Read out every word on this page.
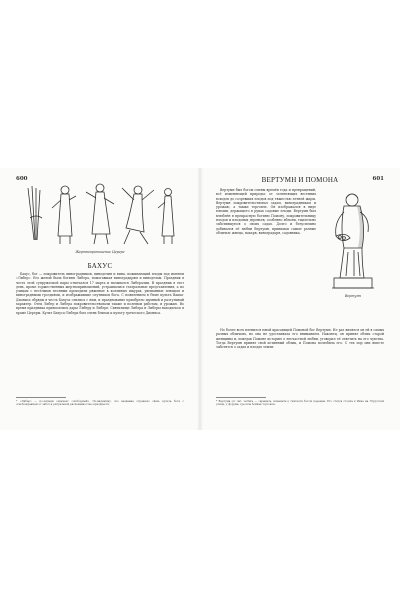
600
Жертвоприношение Церере
БАХУС

Бахус, бог — покровитель виноградников, виноделия и вина, пожинающий плоды под именем «Либер». Его женой была богиня Либера, помогавшая виноградарям и виноделам. Праздник в честь этой супружеской пары отмечался 17 марта и назывался Либералии. В праздник в этот день, кроме торжественных жертвоприношений, устраивались театральные представления, а по улицам с весёлыми песнями проходили ряженые в козлиных шкурах, увешанные плющом и виноградными гроздьями, и изображавшие спутников бога. С появлением в Риме культа Вакха-Диониса обряды в честь Бахуса слились с ним, и празднование приобрело шумный и разгульный характер. Отец Либер и Либера покровительствовали также и полевым работам, и урожаю. Во время праздника приносились дары Либеру и Либере. Святилище Либера и Либеры находилось в храме Цереры. Культ Бахуса-Либера был очень близок к культу греческого Диониса.

* «Либер» — по-латыни означает «свободный». По-видимому, это название отражало связь культа бога с освобождением от забот и ритуальной раскованностью празднеств.
601
ВЕРТУМН И ПОМОНА

Вертумн был богом смены времён года и превращений, всё изменяющей природы: от зеленеющих весенних всходов до созревших плодов под тяжестью летней жары. Вертумн покровительствовал садам, виноградникам и урожаю, а также торговле. Он изображался в виде юноши, держащего в руках садовые плоды. Вертумн был влюблён в прекрасную богиню Помону, покровительницу плодов и плодовых деревьев, особенно яблони, тщательно заботившуюся о своих садах. Долго и безуспешно добивался её любви Вертумн, принимая самые разные обличья: жнеца, пахаря, виноградаря, садовника.

Вертумн

Но более всех пленился юной красавицей Помоной бог Вертумн. Не раз являлся он ей в самых разных обличьях, но она не удостаивала его вниманием. Наконец, он принял облик старой женщины и, поведав Помоне историю о несчастной любви, уговорил её ответить на его чувства. Тогда Вертумн принял свой истинный облик, и Помона полюбила его. С тех пор они вместе заботятся о садах и плодах земли.

* Вертумн (от лат. vertere — «вращать, изменять») считался богом перемен. Его статуя стояла в Риме на Этрусской улице, у форума, где шла бойкая торговля.
